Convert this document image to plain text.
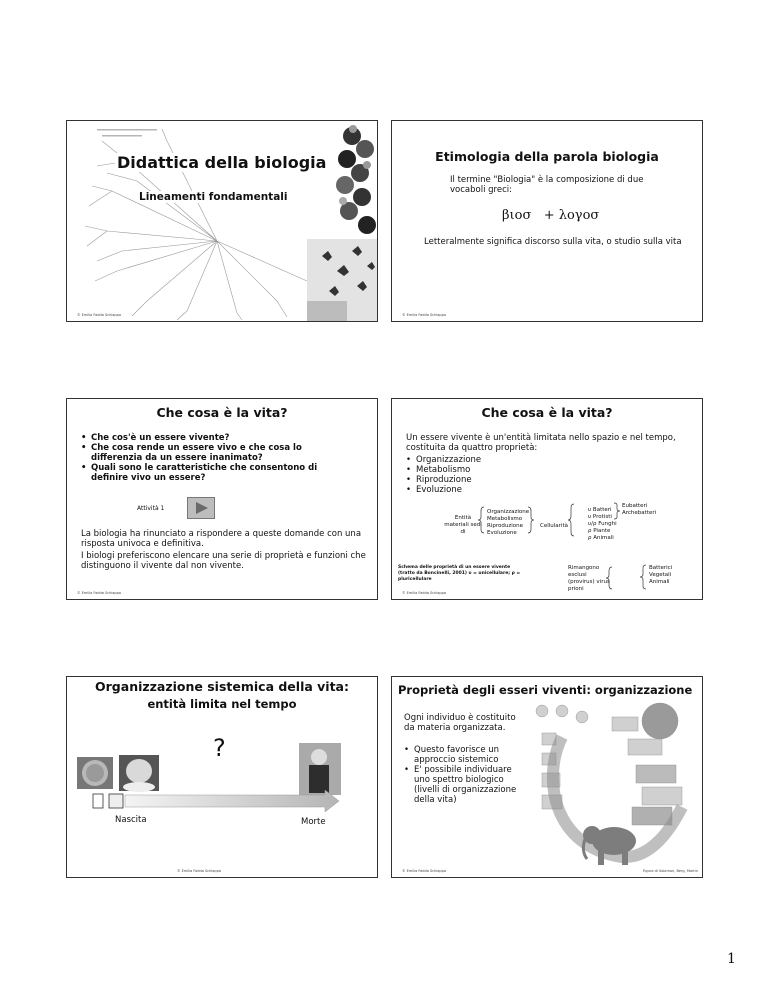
Didattica della biologia
Lineamenti fondamentali
© Emilia Fadda Schiappa
Etimologia della parola biologia
Il termine "Biologia" è la composizione di due vocaboli greci:
βιοσ   + λογοσ
Letteralmente significa discorso sulla vita, o studio sulla vita
© Emilia Fadda Schiappa
Che cosa è la vita?
• Che cos'è un essere vivente?
• Che cosa rende un essere vivo e che cosa lo differenzia da un essere inanimato?
• Quali sono le caratteristiche che consentono di definire vivo un essere?
Attività 1
La biologia ha rinunciato a rispondere a queste domande con una risposta univoca e definitiva.
I biologi preferiscono elencare una serie di proprietà e funzioni che distinguono il vivente dal non vivente.
© Emilia Fadda Schiappa
Che cosa è la vita?
Un essere vivente è un'entità limitata nello spazio e nel tempo, costituita da quattro proprietà:
• Organizzazione
• Metabolismo
• Riproduzione
• Evoluzione
Entità materiali sedi di
Organizzazione
Metabolismo
Riproduzione
Evoluzione
Cellularità
υ Batteri
υ Protisti
υ/ρ Funghi
ρ Piante
ρ Animali
Eubatteri
Archebatteri
Schema delle proprietà di un essere vivente (tratto da Boncinelli, 2001) υ = unicellulare; ρ = pluricellulare
Rimangono esclusi (provirus) virus prioni
Batterici
Vegetali
Animali
© Emilia Fadda Schiappa
Organizzazione sistemica della vita:
entità limita nel tempo
?
Nascita	Morte
© Emilia Fadda Schiappa
Proprietà degli esseri viventi: organizzazione
Ogni individuo è costituito da materia organizzata.
• Questo favorisce un approccio sistemico
• E' possibile individuare uno spettro biologico (livelli di organizzazione della vita)
© Emilia Fadda Schiappa	Figura di Solomon, Berg, Martin
1
